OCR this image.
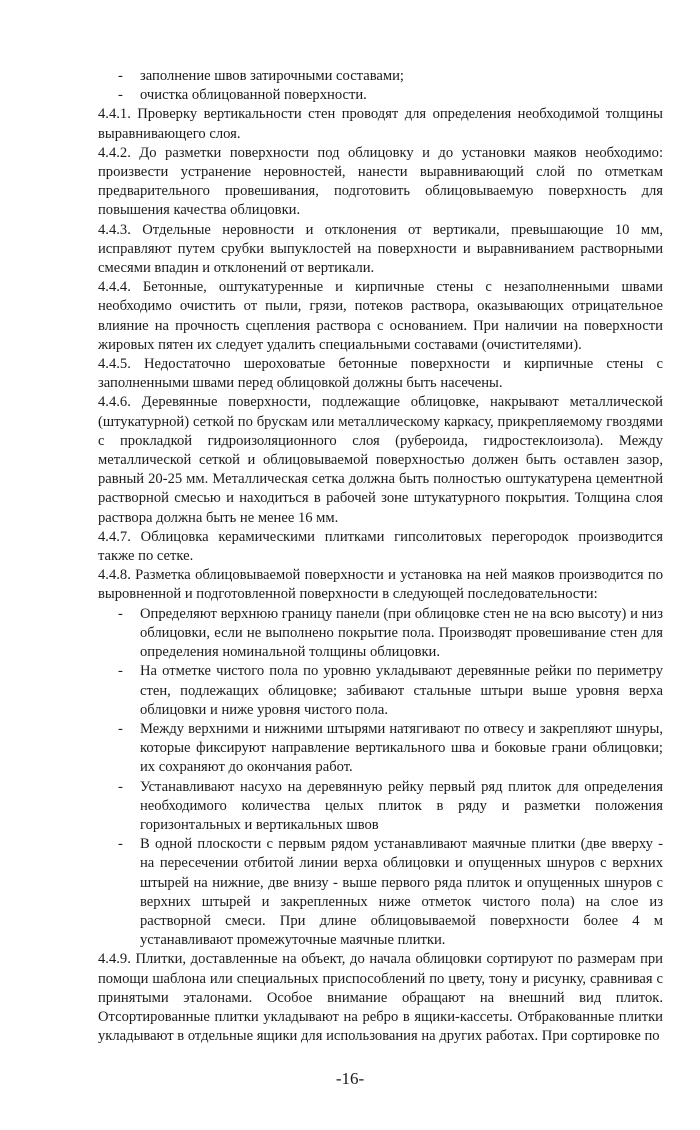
- заполнение швов затирочными составами;

- очистка облицованной поверхности.

4.4.1. Проверку вертикальности стен проводят для определения необходимой толщины выравнивающего слоя.

4.4.2. До разметки поверхности под облицовку и до установки маяков необходимо: произвести устранение неровностей, нанести выравнивающий слой по отметкам предварительного провешивания, подготовить облицовываемую поверхность для повышения качества облицовки.

4.4.3. Отдельные неровности и отклонения от вертикали, превышающие 10 мм, исправляют путем срубки выпуклостей на поверхности и выравниванием растворными смесями впадин и отклонений от вертикали.

4.4.4. Бетонные, оштукатуренные и кирпичные стены с незаполненными швами необходимо очистить от пыли, грязи, потеков раствора, оказывающих отрицательное влияние на прочность сцепления раствора с основанием. При наличии на поверхности жировых пятен их следует удалить специальными составами (очистителями).

4.4.5. Недостаточно шероховатые бетонные поверхности и кирпичные стены с заполненными швами перед облицовкой должны быть насечены.

4.4.6. Деревянные поверхности, подлежащие облицовке, накрывают металлической (штукатурной) сеткой по брускам или металлическому каркасу, прикрепляемому гвоздями с прокладкой гидроизоляционного слоя (рубероида, гидростеклоизола). Между металлической сеткой и облицовываемой поверхностью должен быть оставлен зазор, равный 20-25 мм. Металлическая сетка должна быть полностью оштукатурена цементной растворной смесью и находиться в рабочей зоне штукатурного покрытия. Толщина слоя раствора должна быть не менее 16 мм.

4.4.7. Облицовка керамическими плитками гипсолитовых перегородок производится также по сетке.

4.4.8. Разметка облицовываемой поверхности и установка на ней маяков производится по выровненной и подготовленной поверхности в следующей последовательности:

- Определяют верхнюю границу панели (при облицовке стен не на всю высоту) и низ облицовки, если не выполнено покрытие пола. Производят провешивание стен для определения номинальной толщины облицовки.

- На отметке чистого пола по уровню укладывают деревянные рейки по периметру стен, подлежащих облицовке; забивают стальные штыри выше уровня верха облицовки и ниже уровня чистого пола.

- Между верхними и нижними штырями натягивают по отвесу и закрепляют шнуры, которые фиксируют направление вертикального шва и боковые грани облицовки; их сохраняют до окончания работ.

- Устанавливают насухо на деревянную рейку первый ряд плиток для определения необходимого количества целых плиток в ряду и разметки положения горизонтальных и вертикальных швов

- В одной плоскости с первым рядом устанавливают маячные плитки (две вверху - на пересечении отбитой линии верха облицовки и опущенных шнуров с верхних штырей на нижние, две внизу - выше первого ряда плиток и опущенных шнуров с верхних штырей и закрепленных ниже отметок чистого пола) на слое из растворной смеси. При длине облицовываемой поверхности более 4 м устанавливают промежуточные маячные плитки.

4.4.9. Плитки, доставленные на объект, до начала облицовки сортируют по размерам при помощи шаблона или специальных приспособлений по цвету, тону и рисунку, сравнивая с принятыми эталонами. Особое внимание обращают на внешний вид плиток. Отсортированные плитки укладывают на ребро в ящики-кассеты. Отбракованные плитки укладывают в отдельные ящики для использования на других работах. При сортировке по

-16-
